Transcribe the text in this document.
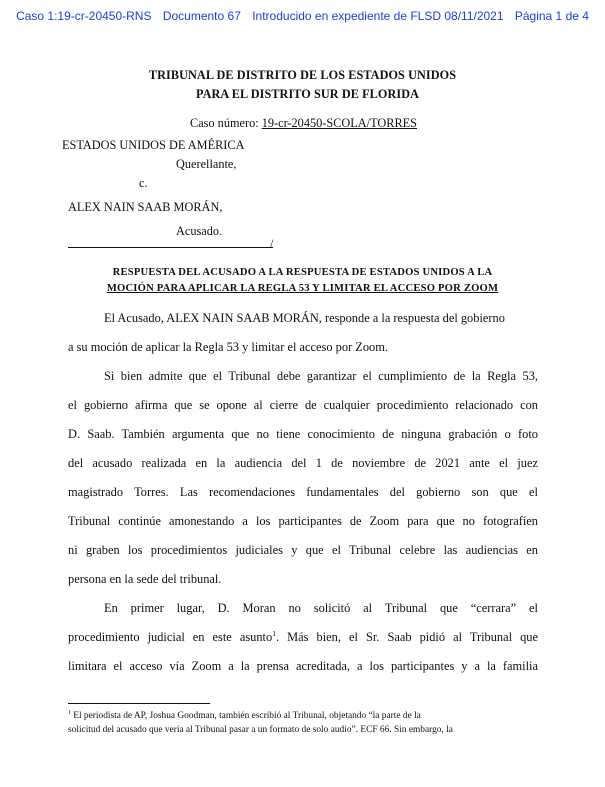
Caso 1:19-cr-20450-RNS Documento 67 Introducido en expediente de FLSD 08/11/2021 Página 1 de 4
TRIBUNAL DE DISTRITO DE LOS ESTADOS UNIDOS
PARA EL DISTRITO SUR DE FLORIDA
Caso número: 19-cr-20450-SCOLA/TORRES
ESTADOS UNIDOS DE AMÉRICA
Querellante,
c.
ALEX NAIN SAAB MORÁN,
Acusado.
/
RESPUESTA DEL ACUSADO A LA RESPUESTA DE ESTADOS UNIDOS A LA
MOCIÓN PARA APLICAR LA REGLA 53 Y LIMITAR EL ACCESO POR ZOOM
El Acusado, ALEX NAIN SAAB MORÁN, responde a la respuesta del gobierno
a su moción de aplicar la Regla 53 y limitar el acceso por Zoom.
Si bien admite que el Tribunal debe garantizar el cumplimiento de la Regla 53,
el gobierno afirma que se opone al cierre de cualquier procedimiento relacionado con
D. Saab. También argumenta que no tiene conocimiento de ninguna grabación o foto
del acusado realizada en la audiencia del 1 de noviembre de 2021 ante el juez
magistrado Torres. Las recomendaciones fundamentales del gobierno son que el
Tribunal continúe amonestando a los participantes de Zoom para que no fotografíen
ni graben los procedimientos judiciales y que el Tribunal celebre las audiencias en
persona en la sede del tribunal.
En primer lugar, D. Moran no solicitó al Tribunal que “cerrara” el
procedimiento judicial en este asunto$^1$. Más bien, el Sr. Saab pidió al Tribunal que
limitara el acceso vía Zoom a la prensa acreditada, a los participantes y a la familia
$^1$ El periodista de AP, Joshua Goodman, también escribió al Tribunal, objetando “la parte de la
solicitud del acusado que vería al Tribunal pasar a un formato de solo audio”. ECF 66. Sin embargo, la
